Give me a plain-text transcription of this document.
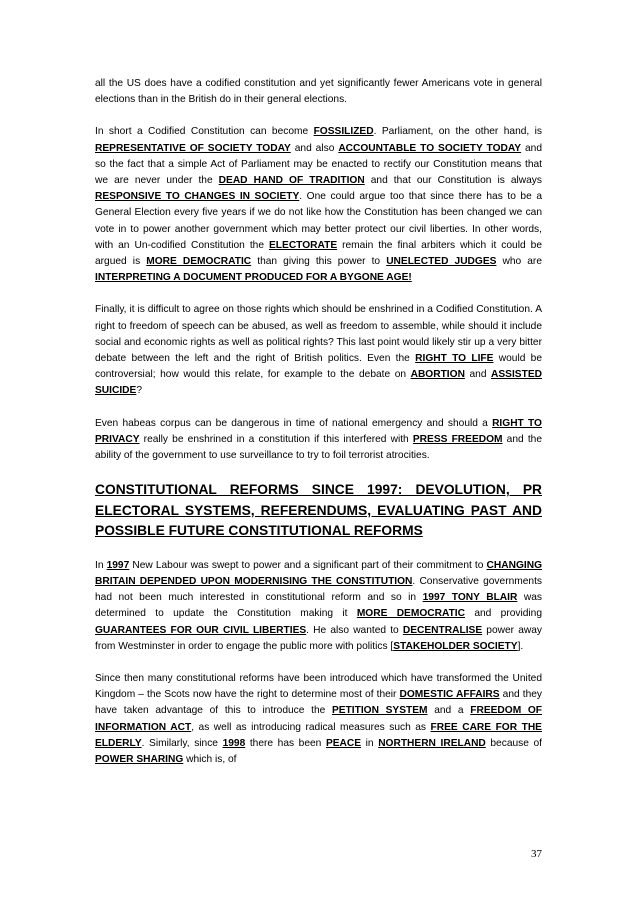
all the US does have a codified constitution and yet significantly fewer Americans vote in general elections than in the British do in their general elections.

In short a Codified Constitution can become FOSSILIZED. Parliament, on the other hand, is REPRESENTATIVE OF SOCIETY TODAY and also ACCOUNTABLE TO SOCIETY TODAY and so the fact that a simple Act of Parliament may be enacted to rectify our Constitution means that we are never under the DEAD HAND OF TRADITION and that our Constitution is always RESPONSIVE TO CHANGES IN SOCIETY. One could argue too that since there has to be a General Election every five years if we do not like how the Constitution has been changed we can vote in to power another government which may better protect our civil liberties. In other words, with an Un-codified Constitution the ELECTORATE remain the final arbiters which it could be argued is MORE DEMOCRATIC than giving this power to UNELECTED JUDGES who are INTERPRETING A DOCUMENT PRODUCED FOR A BYGONE AGE!

Finally, it is difficult to agree on those rights which should be enshrined in a Codified Constitution. A right to freedom of speech can be abused, as well as freedom to assemble, while should it include social and economic rights as well as political rights? This last point would likely stir up a very bitter debate between the left and the right of British politics. Even the RIGHT TO LIFE would be controversial; how would this relate, for example to the debate on ABORTION and ASSISTED SUICIDE?

Even habeas corpus can be dangerous in time of national emergency and should a RIGHT TO PRIVACY really be enshrined in a constitution if this interfered with PRESS FREEDOM and the ability of the government to use surveillance to try to foil terrorist atrocities.

CONSTITUTIONAL REFORMS SINCE 1997: DEVOLUTION, PR ELECTORAL SYSTEMS, REFERENDUMS, EVALUATING PAST AND POSSIBLE FUTURE CONSTITUTIONAL REFORMS

In 1997 New Labour was swept to power and a significant part of their commitment to CHANGING BRITAIN DEPENDED UPON MODERNISING THE CONSTITUTION. Conservative governments had not been much interested in constitutional reform and so in 1997 TONY BLAIR was determined to update the Constitution making it MORE DEMOCRATIC and providing GUARANTEES FOR OUR CIVIL LIBERTIES. He also wanted to DECENTRALISE power away from Westminster in order to engage the public more with politics [STAKEHOLDER SOCIETY].

Since then many constitutional reforms have been introduced which have transformed the United Kingdom – the Scots now have the right to determine most of their DOMESTIC AFFAIRS and they have taken advantage of this to introduce the PETITION SYSTEM and a FREEDOM OF INFORMATION ACT, as well as introducing radical measures such as FREE CARE FOR THE ELDERLY. Similarly, since 1998 there has been PEACE in NORTHERN IRELAND because of POWER SHARING which is, of

37
